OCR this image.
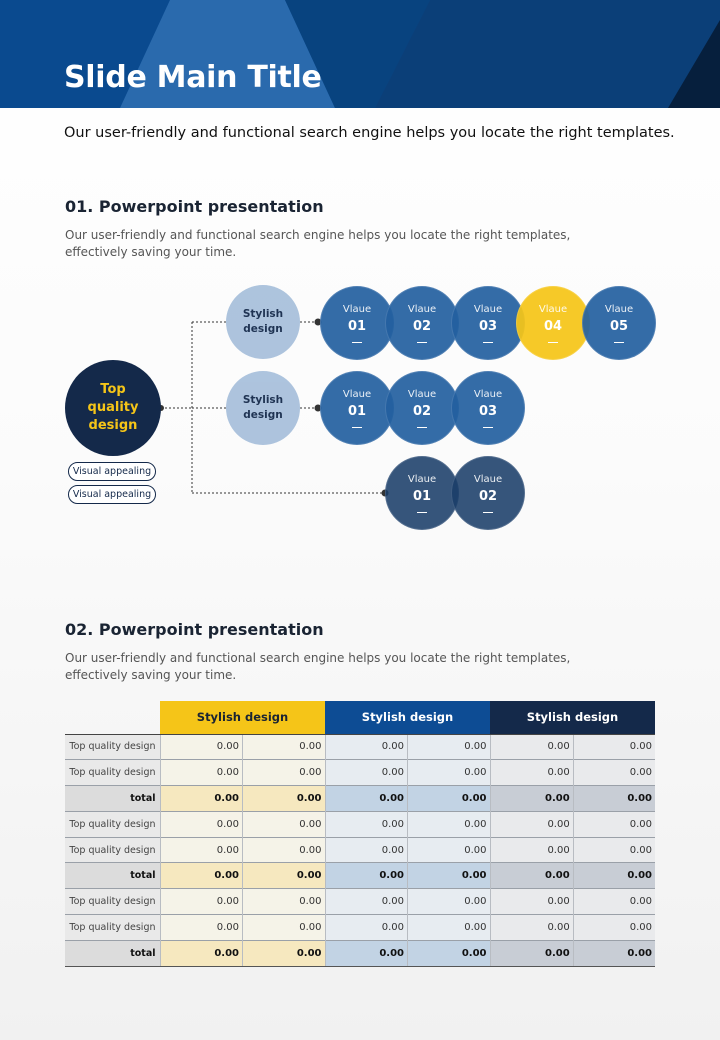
Slide Main Title
Our user-friendly and functional search engine helps you locate the right templates.
01. Powerpoint presentation
Our user-friendly and functional search engine helps you locate the right templates,
effectively saving your time.
Top
quality
design
Visual appealing
Visual appealing
Stylish
design
Vlaue
01
Vlaue
02
Vlaue
03
Vlaue
04
Vlaue
05
Stylish
design
Vlaue
01
Vlaue
02
Vlaue
03
Vlaue
01
Vlaue
02
02. Powerpoint presentation
Our user-friendly and functional search engine helps you locate the right templates,
effectively saving your time.
	Stylish design		Stylish design		Stylish design	
Top quality design	0.00	0.00	0.00	0.00	0.00	0.00
Top quality design	0.00	0.00	0.00	0.00	0.00	0.00
total	0.00	0.00	0.00	0.00	0.00	0.00
Top quality design	0.00	0.00	0.00	0.00	0.00	0.00
Top quality design	0.00	0.00	0.00	0.00	0.00	0.00
total	0.00	0.00	0.00	0.00	0.00	0.00
Top quality design	0.00	0.00	0.00	0.00	0.00	0.00
Top quality design	0.00	0.00	0.00	0.00	0.00	0.00
total	0.00	0.00	0.00	0.00	0.00	0.00
